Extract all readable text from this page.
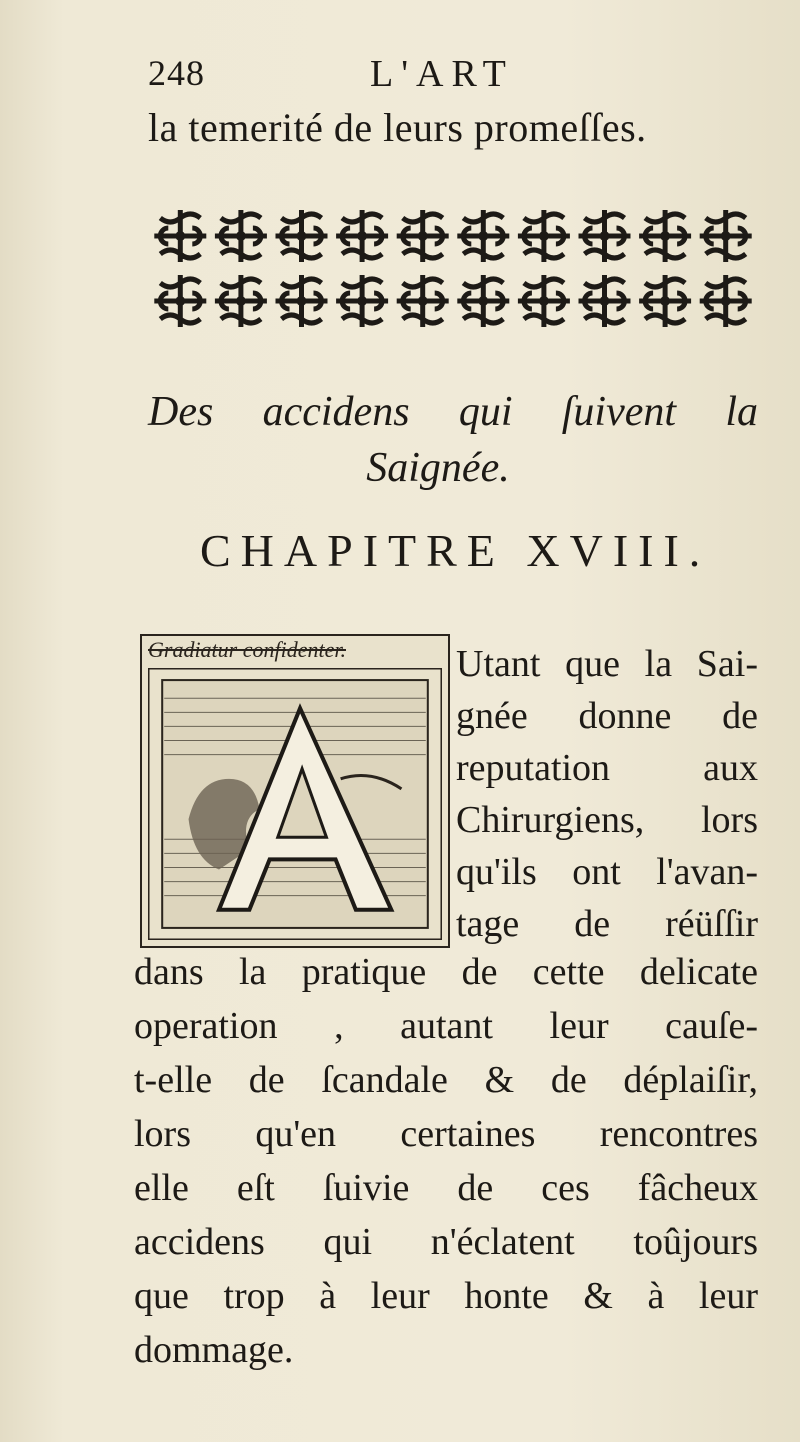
248	L'ART
la temerité de leurs promeſſes.
Des accidens qui ſuivent la
Saignée.
CHAPITRE XVIII.
Gradiatur confidenter.	Utant que la Sai-
gnée donne de
reputation aux
Chirurgiens, lors
qu'ils ont l'avan-
tage de réüſſir
dans la pratique de cette delicate
operation , autant leur cauſe-
t-elle de ſcandale & de déplaiſir,
lors qu'en certaines rencontres
elle eſt ſuivie de ces fâcheux
accidens qui n'éclatent toûjours
que trop à leur honte & à leur
dommage.
